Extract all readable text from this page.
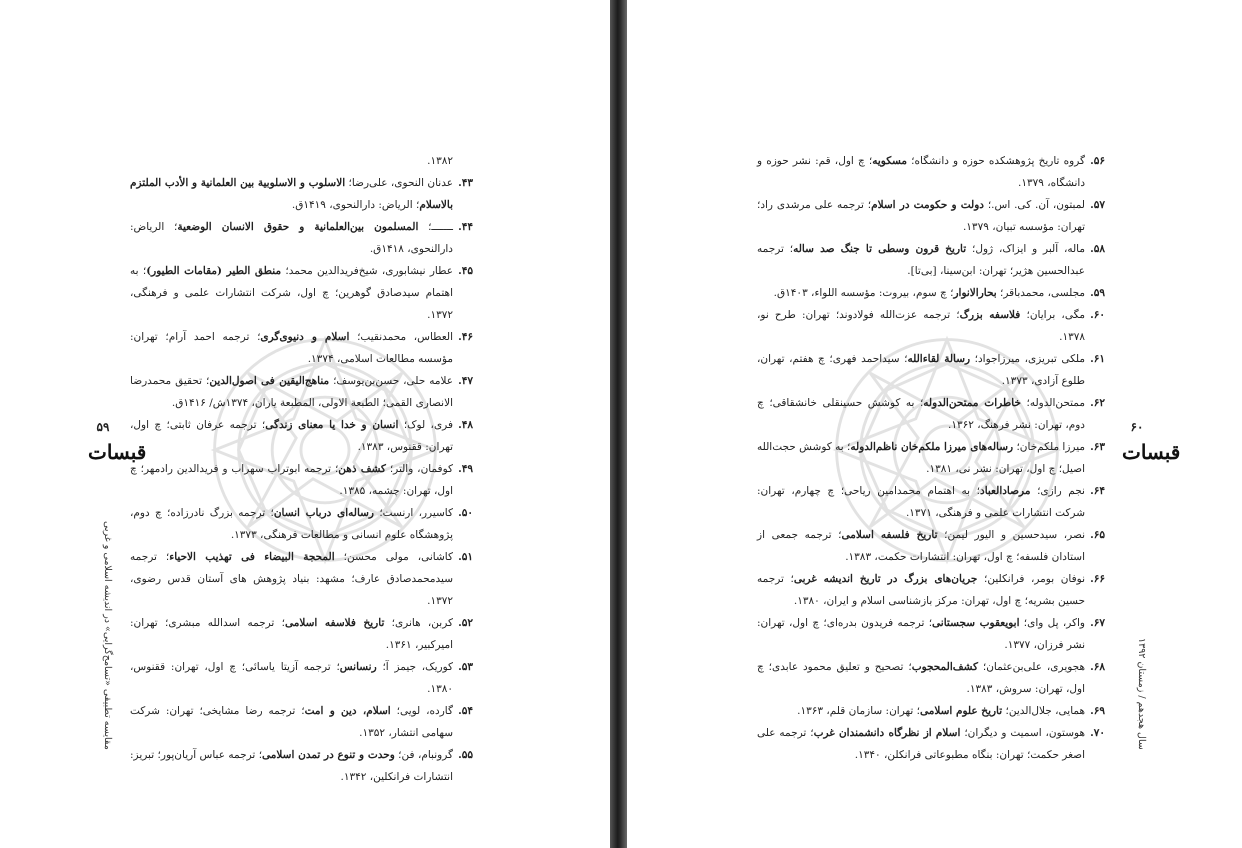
۱۳۸۲.
۴۳.
عدنان النحوی، علی‌رضا؛ الاسلوب و الاسلوبیة بین العلمانیة و الأدب الملتزم بالاسلام؛ الریاض: دارالنحوی، ۱۴۱۹ق.
۴۴.
ـــــــ؛ المسلمون بین‌العلمانیة و حقوق الانسان الوضعیة؛ الریاض: دارالنحوی، ۱۴۱۸ق.
۴۵.
عطار نیشابوری، شیخ‌فریدالدین محمد؛ منطق الطیر (مقامات الطیور)؛ به اهتمام سیدصادق گوهرین؛ چ اول، شرکت انتشارات علمی و فرهنگی، ۱۳۷۲.
۴۶.
العطاس، محمدنقیب؛ اسلام و دنیوی‌گری؛ ترجمه احمد آرام؛ تهران: مؤسسه مطالعات اسلامی، ۱۳۷۴.
۴۷.
علامه حلی، حسن‌بن‌یوسف؛ مناهج‌الیقین فی اصول‌الدین؛ تحقیق محمدرضا الانصاری القمی؛ الطبعة الاولی، المطبعة یاران، ۱۳۷۴ش/ ۱۴۱۶ق.
۴۸.
فری، لوک؛ انسان و خدا یا معنای زندگی؛ ترجمه عرفان ثابتی؛ چ اول، تهران: ققنوس، ۱۳۸۳.
۴۹.
کوفمان، والتر؛ کشف ذهن؛ ترجمه ابوتراب سهراب و فریدالدین رادمهر؛ چ اول، تهران: چشمه، ۱۳۸۵.
۵۰.
کاسیرر، ارنست؛ رساله‌ای درباب انسان؛ ترجمه بزرگ نادرزاده؛ چ دوم، پژوهشگاه علوم انسانی و مطالعات فرهنگی، ۱۳۷۳.
۵۱.
کاشانی، مولی محسن؛ المحجة البیضاء فی تهذیب الاحیاء؛ ترجمه سیدمحمدصادق عارف؛ مشهد: بنیاد پژوهش های آستان قدس رضوی، ۱۳۷۲.
۵۲.
کربن، هانری؛ تاریخ فلاسفه اسلامی؛ ترجمه اسدالله مبشری؛ تهران: امیرکبیر، ۱۳۶۱.
۵۳.
کوریک، جیمز آ؛ رنسانس؛ ترجمه آزیتا یاسائی؛ چ اول، تهران: ققنوس، ۱۳۸۰.
۵۴.
گارده، لویی؛ اسلام، دین و امت؛ ترجمه رضا مشایخی؛ تهران: شرکت سهامی انتشار، ۱۳۵۲.
۵۵.
گرونبام، فن؛ وحدت و تنوع در تمدن اسلامی؛ ترجمه عباس آریان‌پور؛ تبریز: انتشارات فرانکلین، ۱۳۴۲.
۵۹
قبسات
مقایسه تطبیقی «تسامح‌گرایی» در اندیشه اسلامی و غربی
۵۶.
گروه تاریخ پژوهشکده حوزه و دانشگاه؛ مسکویه؛ چ اول، قم: نشر حوزه و دانشگاه، ۱۳۷۹.
۵۷.
لمبتون، آن. کی. اس.؛ دولت و حکومت در اسلام؛ ترجمه علی مرشدی راد؛ تهران: مؤسسه تبیان، ۱۳۷۹.
۵۸.
ماله، آلبر و ایزاک، ژول؛ تاریخ قرون وسطی تا جنگ صد ساله؛ ترجمه عبدالحسین هژیر؛ تهران: ابن‌سینا، [بی‌تا].
۵۹.
مجلسی، محمدباقر؛ بحارالانوار؛ چ سوم، بیروت: مؤسسه اللواء، ۱۴۰۳ق.
۶۰.
مگی، برایان؛ فلاسفه بزرگ؛ ترجمه عزت‌الله فولادوند؛ تهران: طرح نو، ۱۳۷۸.
۶۱.
ملکی تبریزی، میرزاجواد؛ رسالة لقاءالله؛ سیداحمد فهری؛ چ هفتم، تهران، طلوع آزادی، ۱۳۷۳.
۶۲.
ممتحن‌الدوله؛ خاطرات ممتحن‌الدوله؛ به کوشش حسینقلی خانشقاقی؛ چ دوم، تهران: نشر فرهنگ، ۱۳۶۲.
۶۳.
میرزا ملکم‌خان؛ رساله‌های میرزا ملکم‌خان ناظم‌الدوله؛ به کوشش حجت‌الله اصیل؛ چ اول، تهران: نشر نی، ۱۳۸۱.
۶۴.
نجم رازی؛ مرصادالعباد؛ به اهتمام محمدامین ریاحی؛ چ چهارم، تهران: شرکت انتشارات علمی و فرهنگی، ۱۳۷۱.
۶۵.
نصر، سیدحسین و الیور لیمن؛ تاریخ فلسفه اسلامی؛ ترجمه جمعی از استادان فلسفه؛ چ اول، تهران: انتشارات حکمت، ۱۳۸۳.
۶۶.
نوفان بومر، فرانکلین؛ جریان‌های بزرگ در تاریخ اندیشه غربی؛ ترجمه حسین بشریه؛ چ اول، تهران: مرکز بازشناسی اسلام و ایران، ۱۳۸۰.
۶۷.
واکر، پل وای؛ ابویعقوب سجستانی؛ ترجمه فریدون بدره‌ای؛ چ اول، تهران: نشر فرزان، ۱۳۷۷.
۶۸.
هجویری، علی‌بن‌عثمان؛ کشف‌المحجوب؛ تصحیح و تعلیق محمود عابدی؛ چ اول، تهران: سروش، ۱۳۸۳.
۶۹.
همایی، جلال‌الدین؛ تاریخ علوم اسلامی؛ تهران: سازمان قلم، ۱۳۶۳.
۷۰.
هوستون، اسمیت و دیگران؛ اسلام از نظرگاه دانشمندان غرب؛ ترجمه علی اصغر حکمت؛ تهران: بنگاه مطبوعاتی فرانکلن، ۱۳۴۰.
۶۰
قبسات
سال هجدهم / زمستان ۱۳۹۲
